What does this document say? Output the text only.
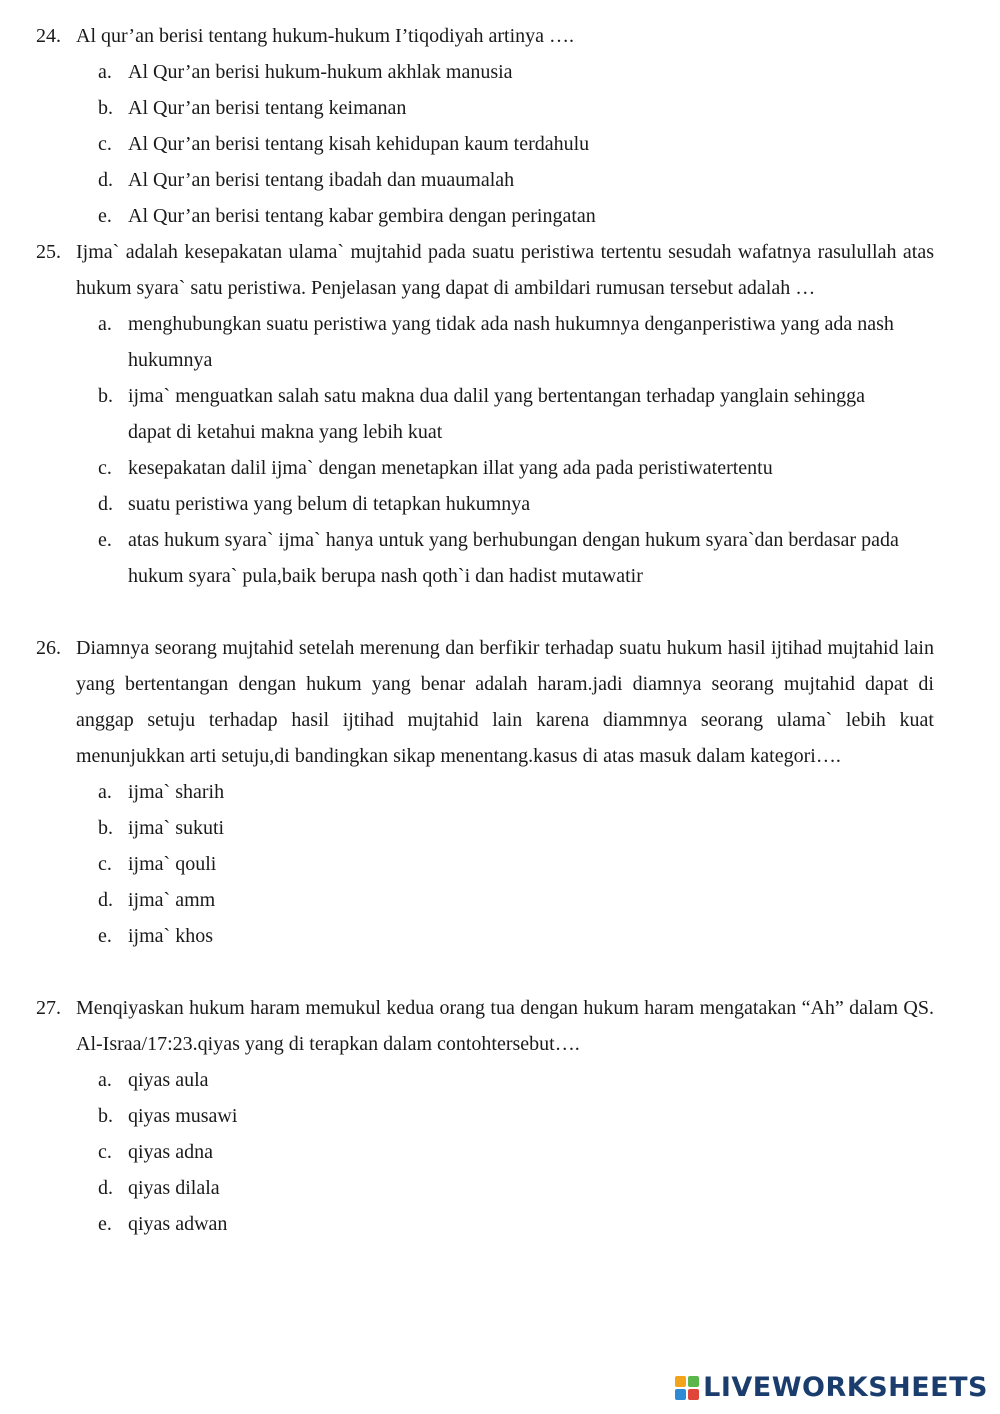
24. Al qur’an berisi tentang hukum-hukum I’tiqodiyah artinya ….
a. Al Qur’an berisi hukum-hukum akhlak manusia
b. Al Qur’an berisi tentang keimanan
c. Al Qur’an berisi tentang kisah kehidupan kaum terdahulu
d. Al Qur’an berisi tentang ibadah dan muaumalah
e. Al Qur’an berisi tentang kabar gembira dengan peringatan
25. Ijma` adalah kesepakatan ulama` mujtahid pada suatu peristiwa tertentu sesudah wafatnya rasulullah atas hukum syara` satu peristiwa. Penjelasan yang dapat di ambildari rumusan tersebut adalah …
a. menghubungkan suatu peristiwa yang tidak ada nash hukumnya denganperistiwa yang ada nash hukumnya
b. ijma` menguatkan salah satu makna dua dalil yang bertentangan terhadap yanglain sehingga dapat di ketahui makna yang lebih kuat
c. kesepakatan dalil ijma` dengan menetapkan illat yang ada pada peristiwatertentu
d. suatu peristiwa yang belum di tetapkan hukumnya
e. atas hukum syara` ijma` hanya untuk yang berhubungan dengan hukum syara`dan berdasar pada hukum syara` pula,baik berupa nash qoth`i dan hadist mutawatir
26. Diamnya seorang mujtahid setelah merenung dan berfikir terhadap suatu hukum hasil ijtihad mujtahid lain yang bertentangan dengan hukum yang benar adalah haram.jadi diamnya seorang mujtahid dapat di anggap setuju terhadap hasil ijtihad mujtahid lain karena diammnya seorang ulama` lebih kuat menunjukkan arti setuju,di bandingkan sikap menentang.kasus di atas masuk dalam kategori….
a. ijma` sharih
b. ijma` sukuti
c. ijma` qouli
d. ijma` amm
e. ijma` khos
27. Menqiyaskan hukum haram memukul kedua orang tua dengan hukum haram mengatakan “Ah” dalam QS. Al-Israa/17:23.qiyas yang di terapkan dalam contohtersebut….
a. qiyas aula
b. qiyas musawi
c. qiyas adna
d. qiyas dilala
e. qiyas adwan
LIVEWORKSHEETS
